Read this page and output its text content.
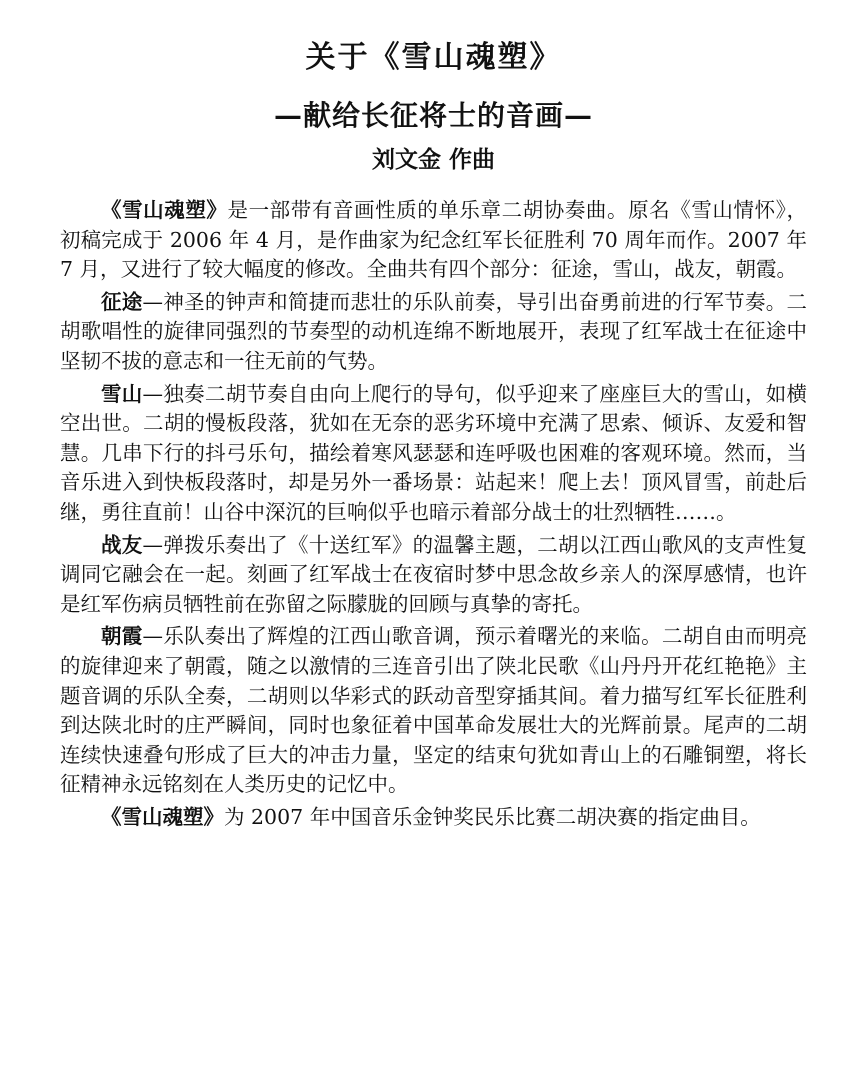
关于《雪山魂塑》
—献给长征将士的音画—
刘文金 作曲

《雪山魂塑》是一部带有音画性质的单乐章二胡协奏曲。原名《雪山情怀》，初稿完成于 2006 年 4 月，是作曲家为纪念红军长征胜利 70 周年而作。2007 年 7 月，又进行了较大幅度的修改。全曲共有四个部分：征途，雪山，战友，朝霞。

征途—神圣的钟声和简捷而悲壮的乐队前奏，导引出奋勇前进的行军节奏。二胡歌唱性的旋律同强烈的节奏型的动机连绵不断地展开，表现了红军战士在征途中坚韧不拔的意志和一往无前的气势。

雪山—独奏二胡节奏自由向上爬行的导句，似乎迎来了座座巨大的雪山，如横空出世。二胡的慢板段落，犹如在无奈的恶劣环境中充满了思索、倾诉、友爱和智慧。几串下行的抖弓乐句，描绘着寒风瑟瑟和连呼吸也困难的客观环境。然而，当音乐进入到快板段落时，却是另外一番场景：站起来！爬上去！顶风冒雪，前赴后继，勇往直前！山谷中深沉的巨响似乎也暗示着部分战士的壮烈牺牲……。

战友—弹拨乐奏出了《十送红军》的温馨主题，二胡以江西山歌风的支声性复调同它融会在一起。刻画了红军战士在夜宿时梦中思念故乡亲人的深厚感情，也许是红军伤病员牺牲前在弥留之际朦胧的回顾与真挚的寄托。

朝霞—乐队奏出了辉煌的江西山歌音调，预示着曙光的来临。二胡自由而明亮的旋律迎来了朝霞，随之以激情的三连音引出了陕北民歌《山丹丹开花红艳艳》主题音调的乐队全奏，二胡则以华彩式的跃动音型穿插其间。着力描写红军长征胜利到达陕北时的庄严瞬间，同时也象征着中国革命发展壮大的光辉前景。尾声的二胡连续快速叠句形成了巨大的冲击力量，坚定的结束句犹如青山上的石雕铜塑，将长征精神永远铭刻在人类历史的记忆中。

《雪山魂塑》为 2007 年中国音乐金钟奖民乐比赛二胡决赛的指定曲目。
